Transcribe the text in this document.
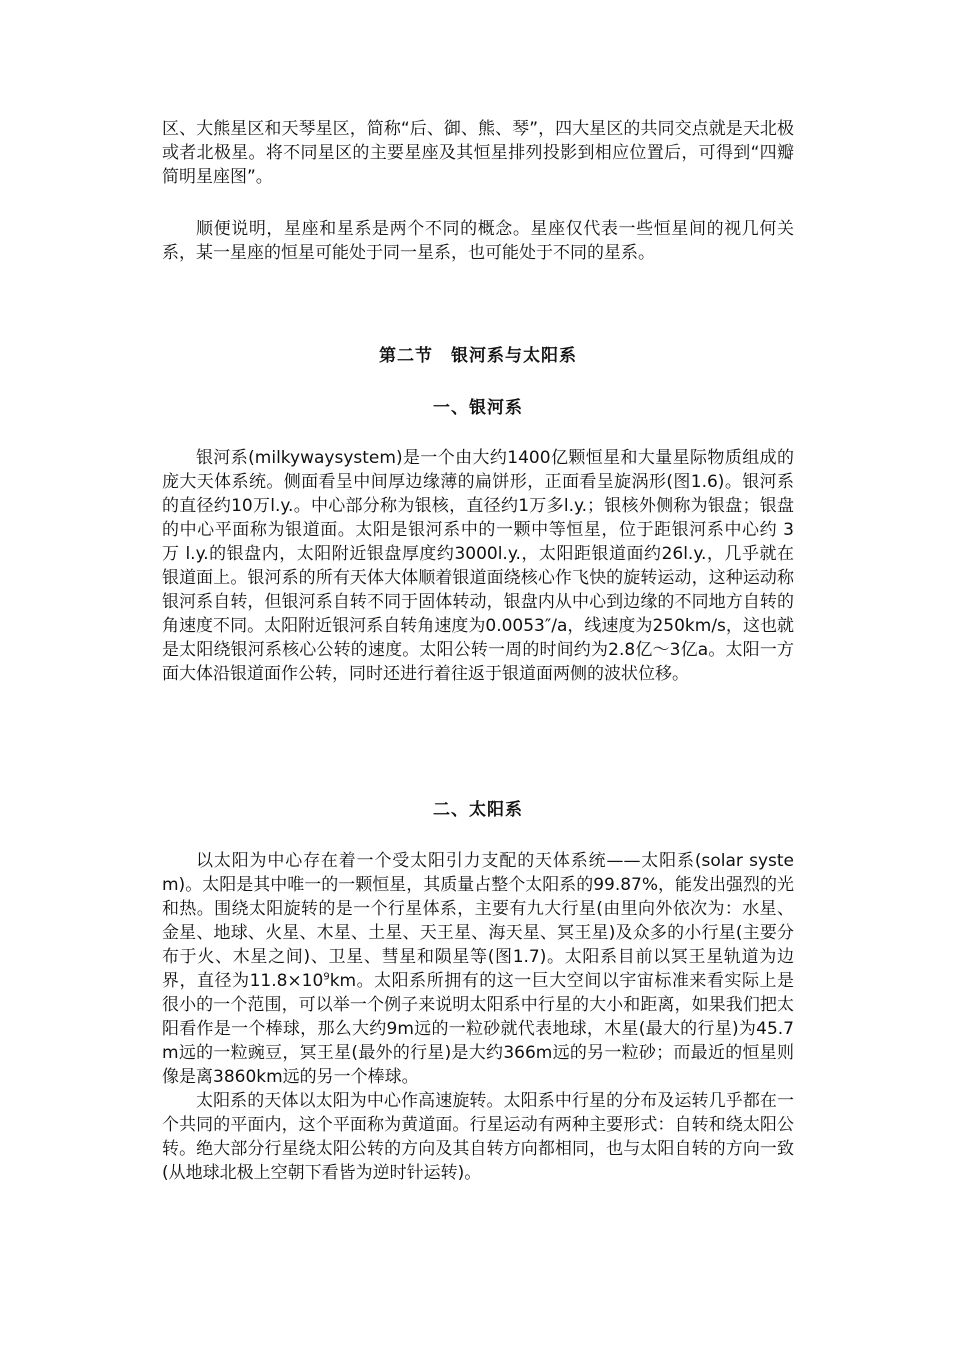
区、大熊星区和天琴星区，简称“后、御、熊、琴”，四大星区的共同交点就是天北极或者北极星。将不同星区的主要星座及其恒星排列投影到相应位置后，可得到“四瓣简明星座图”。

顺便说明，星座和星系是两个不同的概念。星座仅代表一些恒星间的视几何关系，某一星座的恒星可能处于同一星系，也可能处于不同的星系。

第二节　银河系与太阳系
一、银河系

银河系(milkywaysystem)是一个由大约1400亿颗恒星和大量星际物质组成的庞大天体系统。侧面看呈中间厚边缘薄的扁饼形，正面看呈旋涡形(图1.6)。银河系的直径约10万l.y.。中心部分称为银核，直径约1万多l.y.；银核外侧称为银盘；银盘的中心平面称为银道面。太阳是银河系中的一颗中等恒星，位于距银河系中心约 3 万 l.y.的银盘内，太阳附近银盘厚度约3000l.y.，太阳距银道面约26l.y.，几乎就在银道面上。银河系的所有天体大体顺着银道面绕核心作飞快的旋转运动，这种运动称银河系自转，但银河系自转不同于固体转动，银盘内从中心到边缘的不同地方自转的角速度不同。太阳附近银河系自转角速度为0.0053″/a，线速度为250km/s，这也就是太阳绕银河系核心公转的速度。太阳公转一周的时间约为2.8亿～3亿a。太阳一方面大体沿银道面作公转，同时还进行着往返于银道面两侧的波状位移。

二、太阳系

以太阳为中心存在着一个受太阳引力支配的天体系统——太阳系(solar system)。太阳是其中唯一的一颗恒星，其质量占整个太阳系的99.87%，能发出强烈的光和热。围绕太阳旋转的是一个行星体系，主要有九大行星(由里向外依次为：水星、金星、地球、火星、木星、土星、天王星、海天星、冥王星)及众多的小行星(主要分布于火、木星之间)、卫星、彗星和陨星等(图1.7)。太阳系目前以冥王星轨道为边界，直径为$11.8\times 10^9km$。太阳系所拥有的这一巨大空间以宇宙标准来看实际上是很小的一个范围，可以举一个例子来说明太阳系中行星的大小和距离，如果我们把太阳看作是一个棒球，那么大约9m远的一粒砂就代表地球，木星(最大的行星)为45.7m远的一粒豌豆，冥王星(最外的行星)是大约366m远的另一粒砂；而最近的恒星则像是离3860km远的另一个棒球。

太阳系的天体以太阳为中心作高速旋转。太阳系中行星的分布及运转几乎都在一个共同的平面内，这个平面称为黄道面。行星运动有两种主要形式：自转和绕太阳公转。绝大部分行星绕太阳公转的方向及其自转方向都相同，也与太阳自转的方向一致(从地球北极上空朝下看皆为逆时针运转)。
